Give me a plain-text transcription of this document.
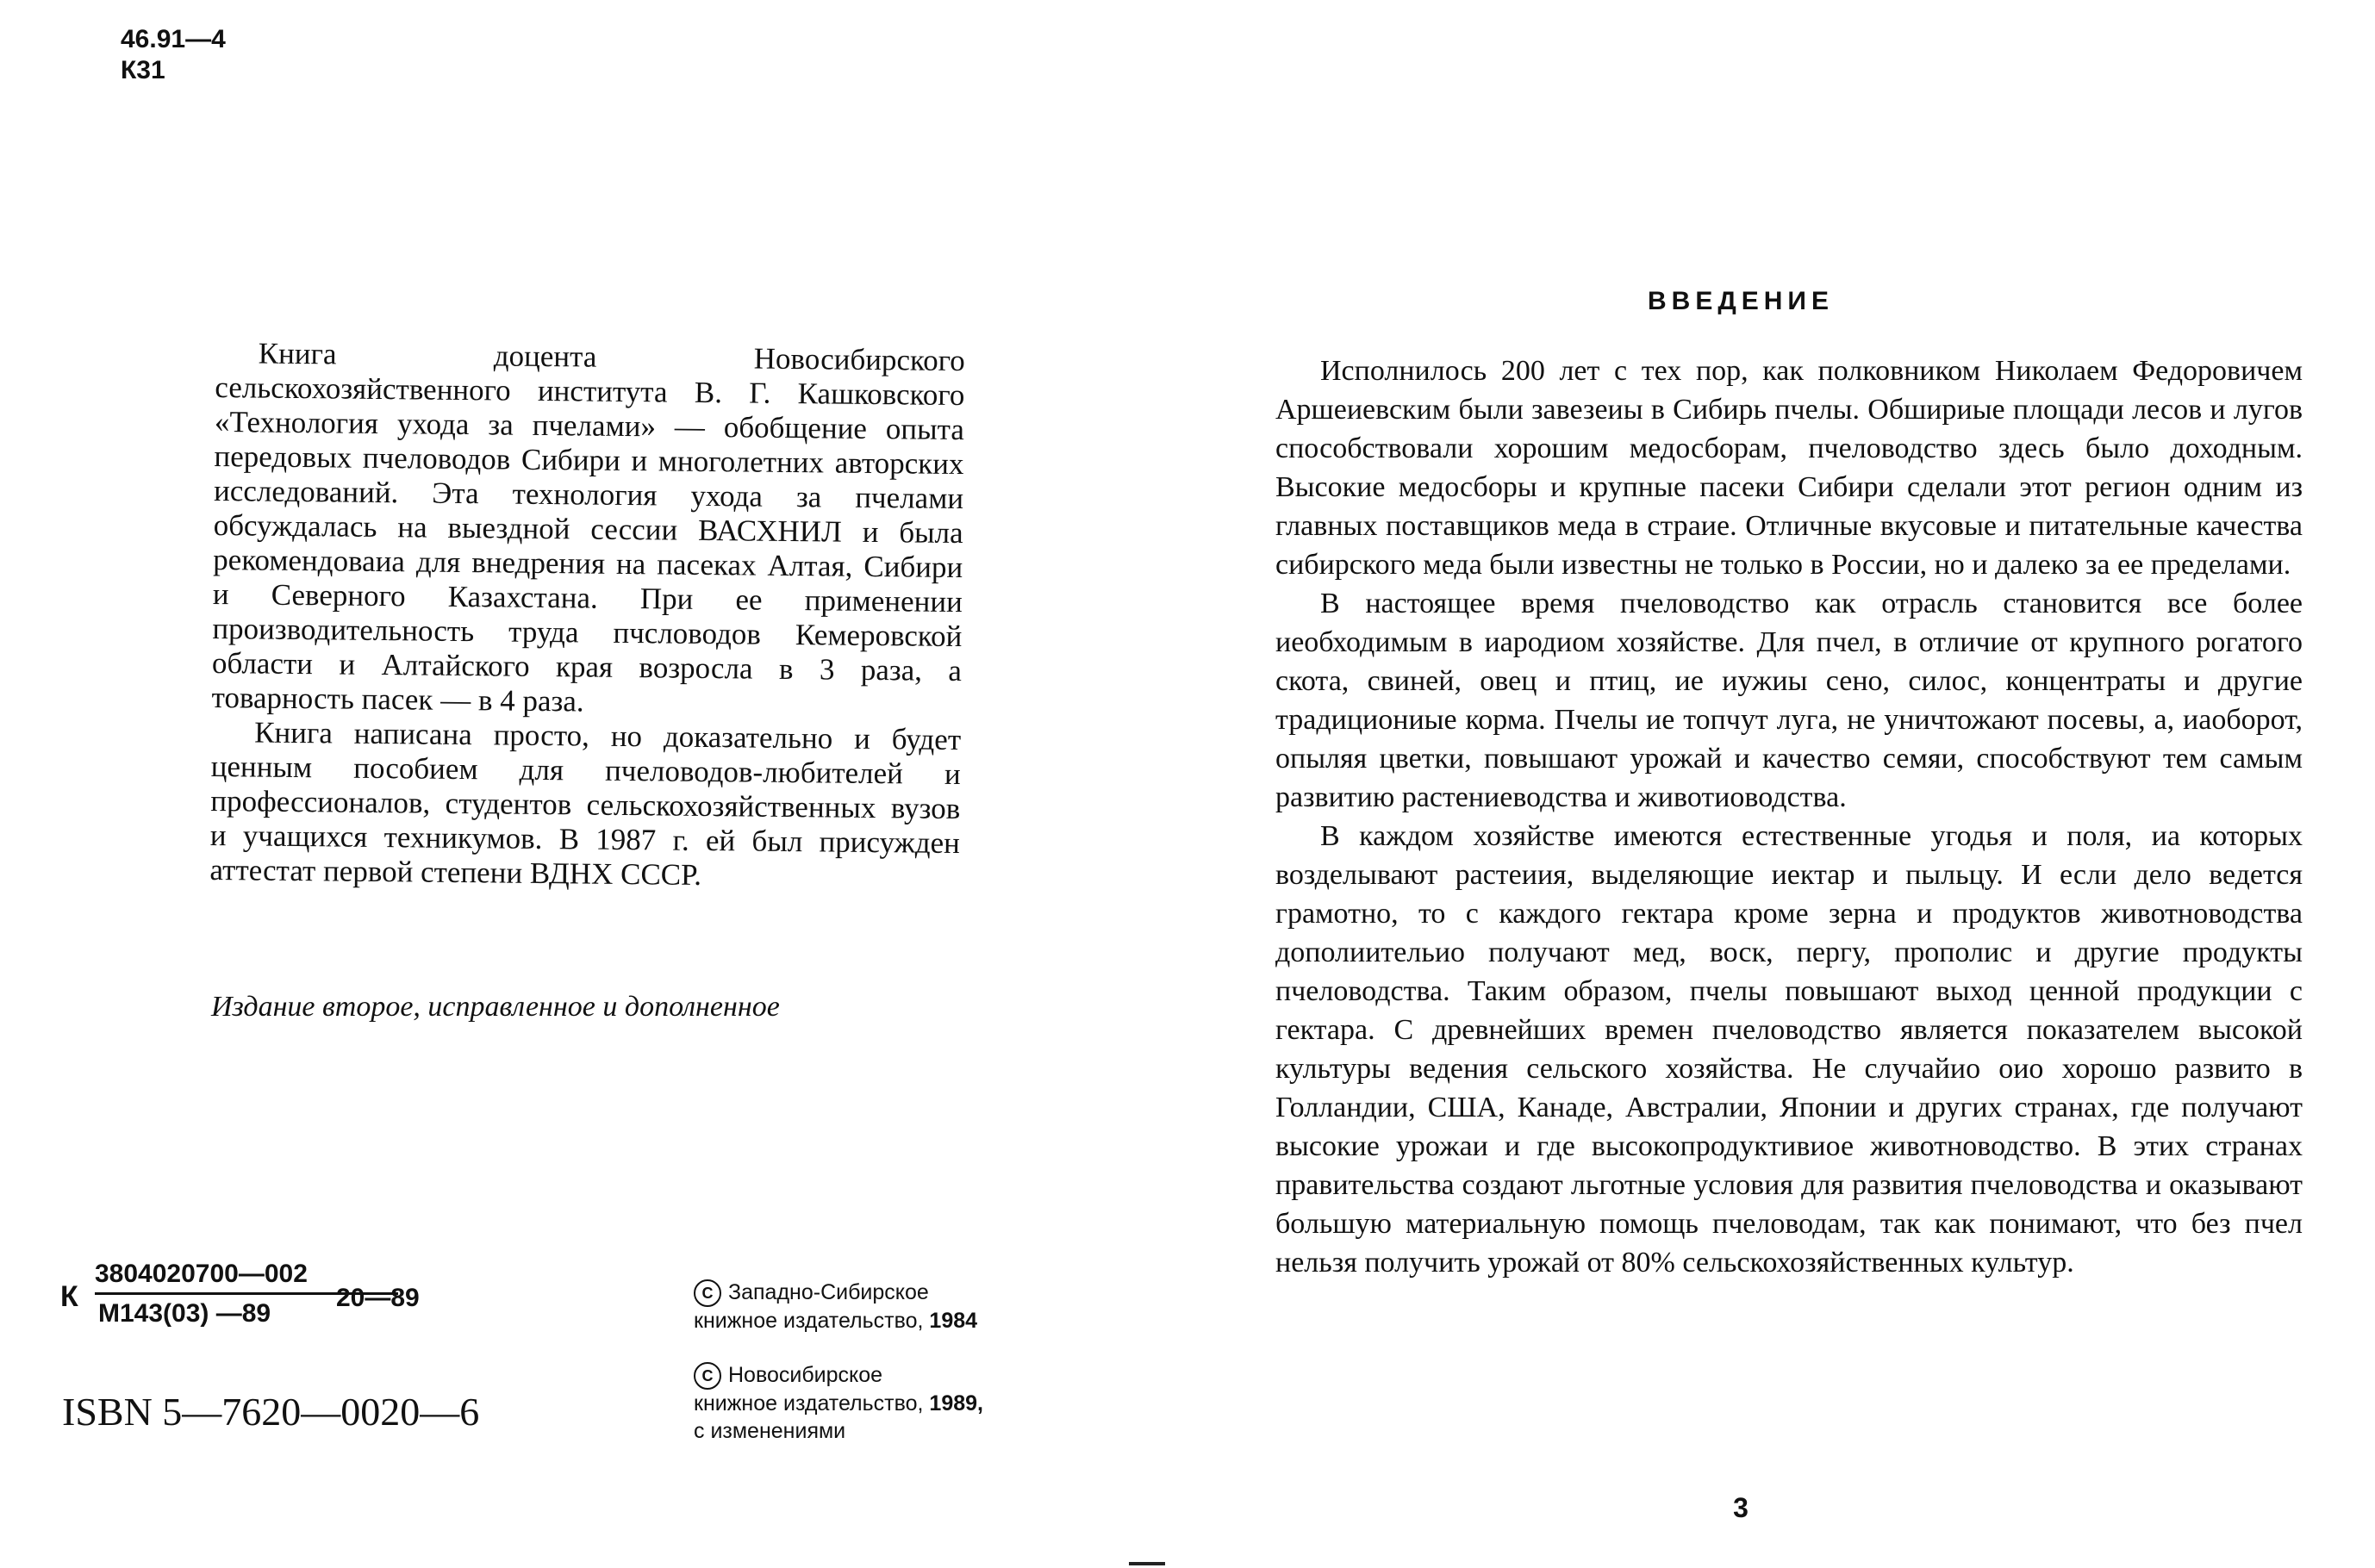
46.91—4
К31

Книга доцента Новосибирского сельскохозяйственного института В. Г. Кашковского «Технология ухода за пчелами» — обобщение опыта передовых пчеловодов Сибири и многолетних авторских исследований. Эта технология ухода за пчелами обсуждалась на выездной сессии ВАСХНИЛ и была рекомендоваиа для внедрения на пасеках Алтая, Сибири и Северного Казахстана. При ее применении производительность труда пчсловодов Кемеровской области и Алтайского края возросла в 3 раза, а товарность пасек — в 4 раза.

Книга написана просто, но доказательно и будет ценным пособием для пчеловодов-любителей и профессионалов, студентов сельскохозяйственных вузов и учащихся техникумов. В 1987 г. ей был присужден аттестат первой степени ВДНХ СССР.

Издание второе, исправленное и дополненное
К
3804020700—002
М143(03) —89
20—89
ISBN 5—7620—0020—6
C Западно-Сибирское
книжное издательство, 1984
C Новосибирское
книжное издательство, 1989,
с изменениями
ВВЕДЕНИЕ

Исполнилось 200 лет с тех пор, как полковником Николаем Федоровичем Аршеиевским были завезеиы в Сибирь пчелы. Обшириые площади лесов и лугов способствовали хорошим медосборам, пчеловодство здесь было доходным. Высокие медосборы и крупные пасеки Сибири сделали этот регион одним из главных поставщиков меда в страие. Отличные вкусовые и питательные качества сибирского меда были известны не только в России, но и далеко за ее пределами.

В настоящее время пчеловодство как отрасль становится все более иеобходимым в иародиом хозяйстве. Для пчел, в отличие от крупного рогатого скота, свиней, овец и птиц, ие иужиы сено, силос, концентраты и другие традициониые корма. Пчелы ие топчут луга, не уничтожают посевы, а, иаоборот, опыляя цветки, повышают урожай и качество семяи, способствуют тем самым развитию растениеводства и животиоводства.

В каждом хозяйстве имеются естественные угодья и поля, иа которых возделывают растеиия, выделяющие иектар и пыльцу. И если дело ведется грамотно, то с каждого гектара кроме зерна и продуктов животноводства дополиительио получают мед, воск, пергу, прополис и другие продукты пчеловодства. Таким образом, пчелы повышают выход ценной продукции с гектара. С древнейших времен пчеловодство является показателем высокой культуры ведения сельского хозяйства. Не случайио оио хорошо развито в Голландии, США, Канаде, Австралии, Японии и других странах, где получают высокие урожаи и где высокопродуктивиое животноводство. В этих странах правительства создают льготные условия для развития пчеловодства и оказывают большую материальную помощь пчеловодам, так как понимают, что без пчел нельзя получить урожай от 80% сельскохозяйственных культур.

3
